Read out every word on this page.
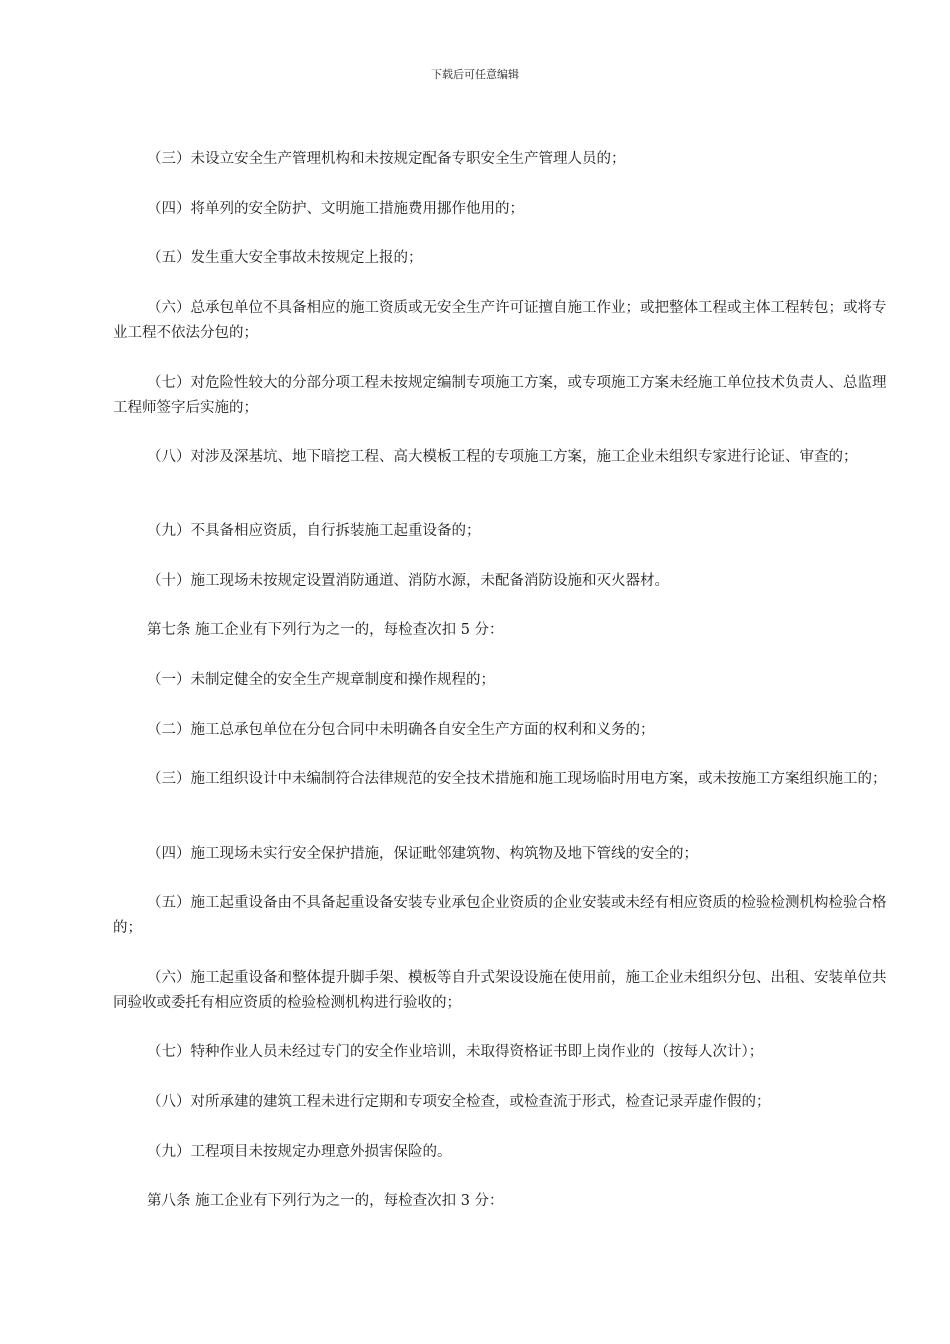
下载后可任意编辑

（三）未设立安全生产管理机构和未按规定配备专职安全生产管理人员的；

（四）将单列的安全防护、文明施工措施费用挪作他用的；

（五）发生重大安全事故未按规定上报的；

（六）总承包单位不具备相应的施工资质或无安全生产许可证擅自施工作业；或把整体工程或主体工程转包；或将专业工程不依法分包的；

（七）对危险性较大的分部分项工程未按规定编制专项施工方案，或专项施工方案未经施工单位技术负责人、总监理工程师签字后实施的；

（八）对涉及深基坑、地下暗挖工程、高大模板工程的专项施工方案，施工企业未组织专家进行论证、审查的；

（九）不具备相应资质，自行拆装施工起重设备的；

（十）施工现场未按规定设置消防通道、消防水源，未配备消防设施和灭火器材。

第七条 施工企业有下列行为之一的，每检查次扣 5 分：

（一）未制定健全的安全生产规章制度和操作规程的；

（二）施工总承包单位在分包合同中未明确各自安全生产方面的权利和义务的；

（三）施工组织设计中未编制符合法律规范的安全技术措施和施工现场临时用电方案，或未按施工方案组织施工的；

（四）施工现场未实行安全保护措施，保证毗邻建筑物、构筑物及地下管线的安全的；

（五）施工起重设备由不具备起重设备安装专业承包企业资质的企业安装或未经有相应资质的检验检测机构检验合格的；

（六）施工起重设备和整体提升脚手架、模板等自升式架设设施在使用前，施工企业未组织分包、出租、安装单位共同验收或委托有相应资质的检验检测机构进行验收的；

（七）特种作业人员未经过专门的安全作业培训，未取得资格证书即上岗作业的（按每人次计）；

（八）对所承建的建筑工程未进行定期和专项安全检查，或检查流于形式，检查记录弄虚作假的；

（九）工程项目未按规定办理意外损害保险的。

第八条 施工企业有下列行为之一的，每检查次扣 3 分：
